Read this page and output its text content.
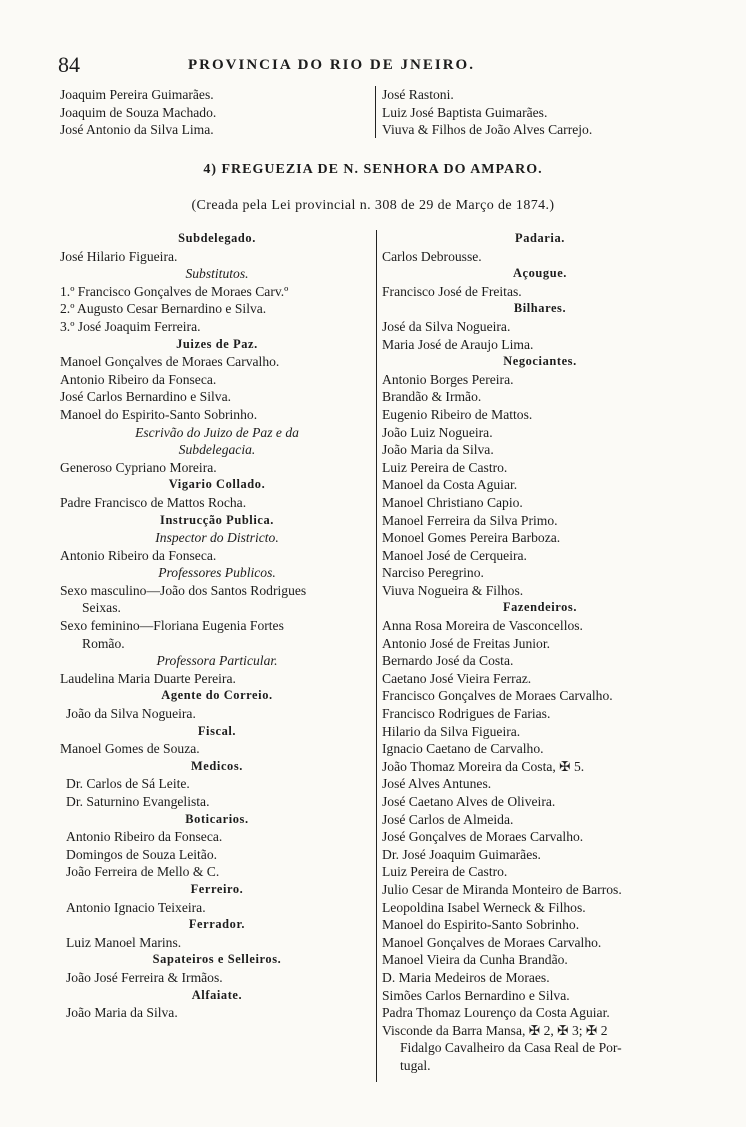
84	PROVINCIA DO RIO DE JNEIRO.
Joaquim Pereira Guimarães.
Joaquim de Souza Machado.
José Antonio da Silva Lima.
José Rastoni.
Luiz José Baptista Guimarães.
Viuva & Filhos de João Alves Carrejo.
4) FREGUEZIA DE N. SENHORA DO AMPARO.
(Creada pela Lei provincial n. 308 de 29 de Março de 1874.)
Subdelegado.
José Hilario Figueira.
Substitutos.
1.º Francisco Gonçalves de Moraes Carv.º
2.º Augusto Cesar Bernardino e Silva.
3.º José Joaquim Ferreira.
Juizes de Paz.
Manoel Gonçalves de Moraes Carvalho.
Antonio Ribeiro da Fonseca.
José Carlos Bernardino e Silva.
Manoel do Espirito-Santo Sobrinho.
Escrivão do Juizo de Paz e da
Subdelegacia.
Generoso Cypriano Moreira.
Vigario Collado.
Padre Francisco de Mattos Rocha.
Instrucção Publica.
Inspector do Districto.
Antonio Ribeiro da Fonseca.
Professores Publicos.
Sexo masculino—João dos Santos Rodrigues
Seixas.
Sexo feminino—Floriana Eugenia Fortes
Romão.
Professora Particular.
Laudelina Maria Duarte Pereira.
Agente do Correio.
João da Silva Nogueira.
Fiscal.
Manoel Gomes de Souza.
Medicos.
Dr. Carlos de Sá Leite.
Dr. Saturnino Evangelista.
Boticarios.
Antonio Ribeiro da Fonseca.
Domingos de Souza Leitão.
João Ferreira de Mello & C.
Ferreiro.
Antonio Ignacio Teixeira.
Ferrador.
Luiz Manoel Marins.
Sapateiros e Selleiros.
João José Ferreira & Irmãos.
Alfaiate.
João Maria da Silva.
Padaria.
Carlos Debrousse.
Açougue.
Francisco José de Freitas.
Bilhares.
José da Silva Nogueira.
Maria José de Araujo Lima.
Negociantes.
Antonio Borges Pereira.
Brandão & Irmão.
Eugenio Ribeiro de Mattos.
João Luiz Nogueira.
João Maria da Silva.
Luiz Pereira de Castro.
Manoel da Costa Aguiar.
Manoel Christiano Capio.
Manoel Ferreira da Silva Primo.
Monoel Gomes Pereira Barboza.
Manoel José de Cerqueira.
Narciso Peregrino.
Viuva Nogueira & Filhos.
Fazendeiros.
Anna Rosa Moreira de Vasconcellos.
Antonio José de Freitas Junior.
Bernardo José da Costa.
Caetano José Vieira Ferraz.
Francisco Gonçalves de Moraes Carvalho.
Francisco Rodrigues de Farias.
Hilario da Silva Figueira.
Ignacio Caetano de Carvalho.
João Thomaz Moreira da Costa, ✠ 5.
José Alves Antunes.
José Caetano Alves de Oliveira.
José Carlos de Almeida.
José Gonçalves de Moraes Carvalho.
Dr. José Joaquim Guimarães.
Luiz Pereira de Castro.
Julio Cesar de Miranda Monteiro de Barros.
Leopoldina Isabel Werneck & Filhos.
Manoel do Espirito-Santo Sobrinho.
Manoel Gonçalves de Moraes Carvalho.
Manoel Vieira da Cunha Brandão.
D. Maria Medeiros de Moraes.
Simões Carlos Bernardino e Silva.
Padra Thomaz Lourenço da Costa Aguiar.
Visconde da Barra Mansa, ✠ 2, ✠ 3; ✠ 2
Fidalgo Cavalheiro da Casa Real de Por-
tugal.
